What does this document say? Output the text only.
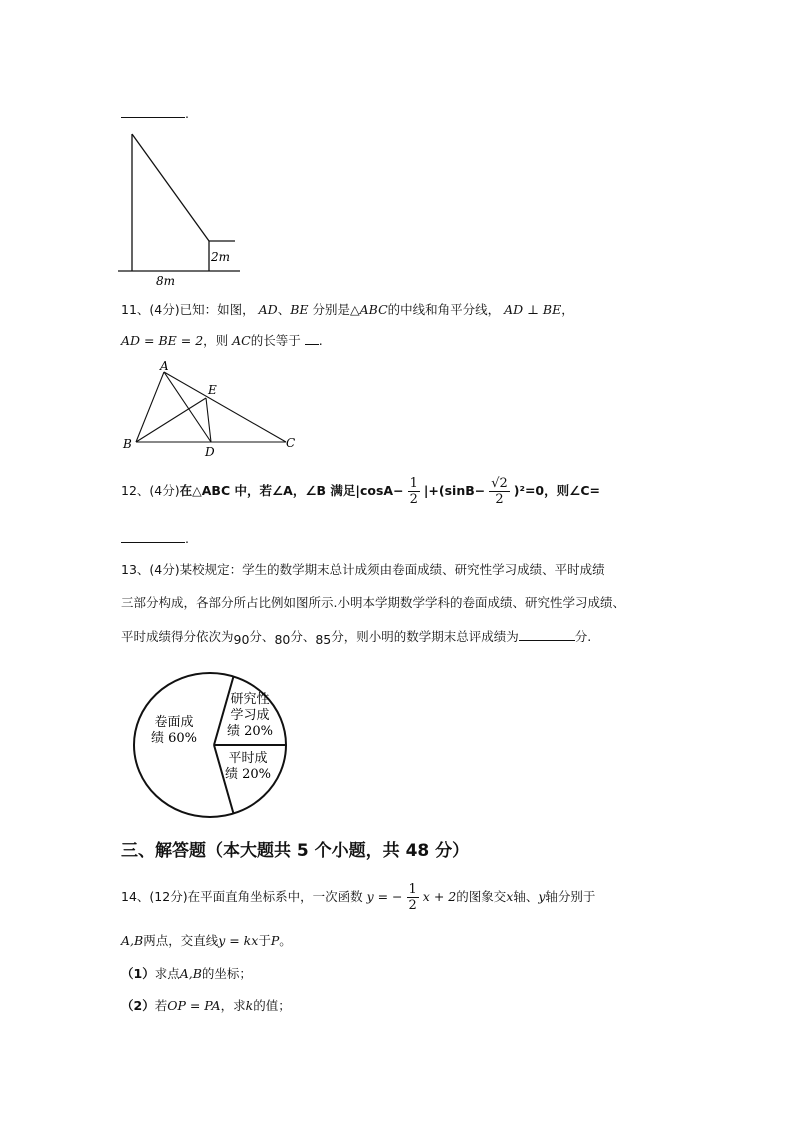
.
2m
8m
11、(4分)已知：如图， AD、BE 分别是△ABC的中线和角平分线， AD ⊥ BE，
AD = BE = 2，则 AC的长等于 .
A
E
B
D
C
12、(4分)在△ABC 中，若∠A，∠B 满足$|\cos A- \frac{1}{2} |+(\sin B- \frac{√2}{2} )^2=0$，则∠C=
.
13、(4分)某校规定：学生的数学期末总计成须由卷面成绩、研究性学习成绩、平时成绩
三部分构成，各部分所占比例如图所示.小明本学期数学学科的卷面成绩、研究性学习成绩、
平时成绩得分依次为90分、80分、85分，则小明的数学期末总评成绩为	分.
卷面成
绩 60%
研究性
学习成
绩 20%
平时成
绩 20%
三、解答题（本大题共 5 个小题，共 48 分）
14、(12分)在平面直角坐标系中，一次函数 y = − $\frac{1}{2}$ x + 2的图象交x轴、y轴分别于
A,B两点，交直线y = kx于P。
（1）求点A,B的坐标；
（2）若OP = PA，求k的值；
